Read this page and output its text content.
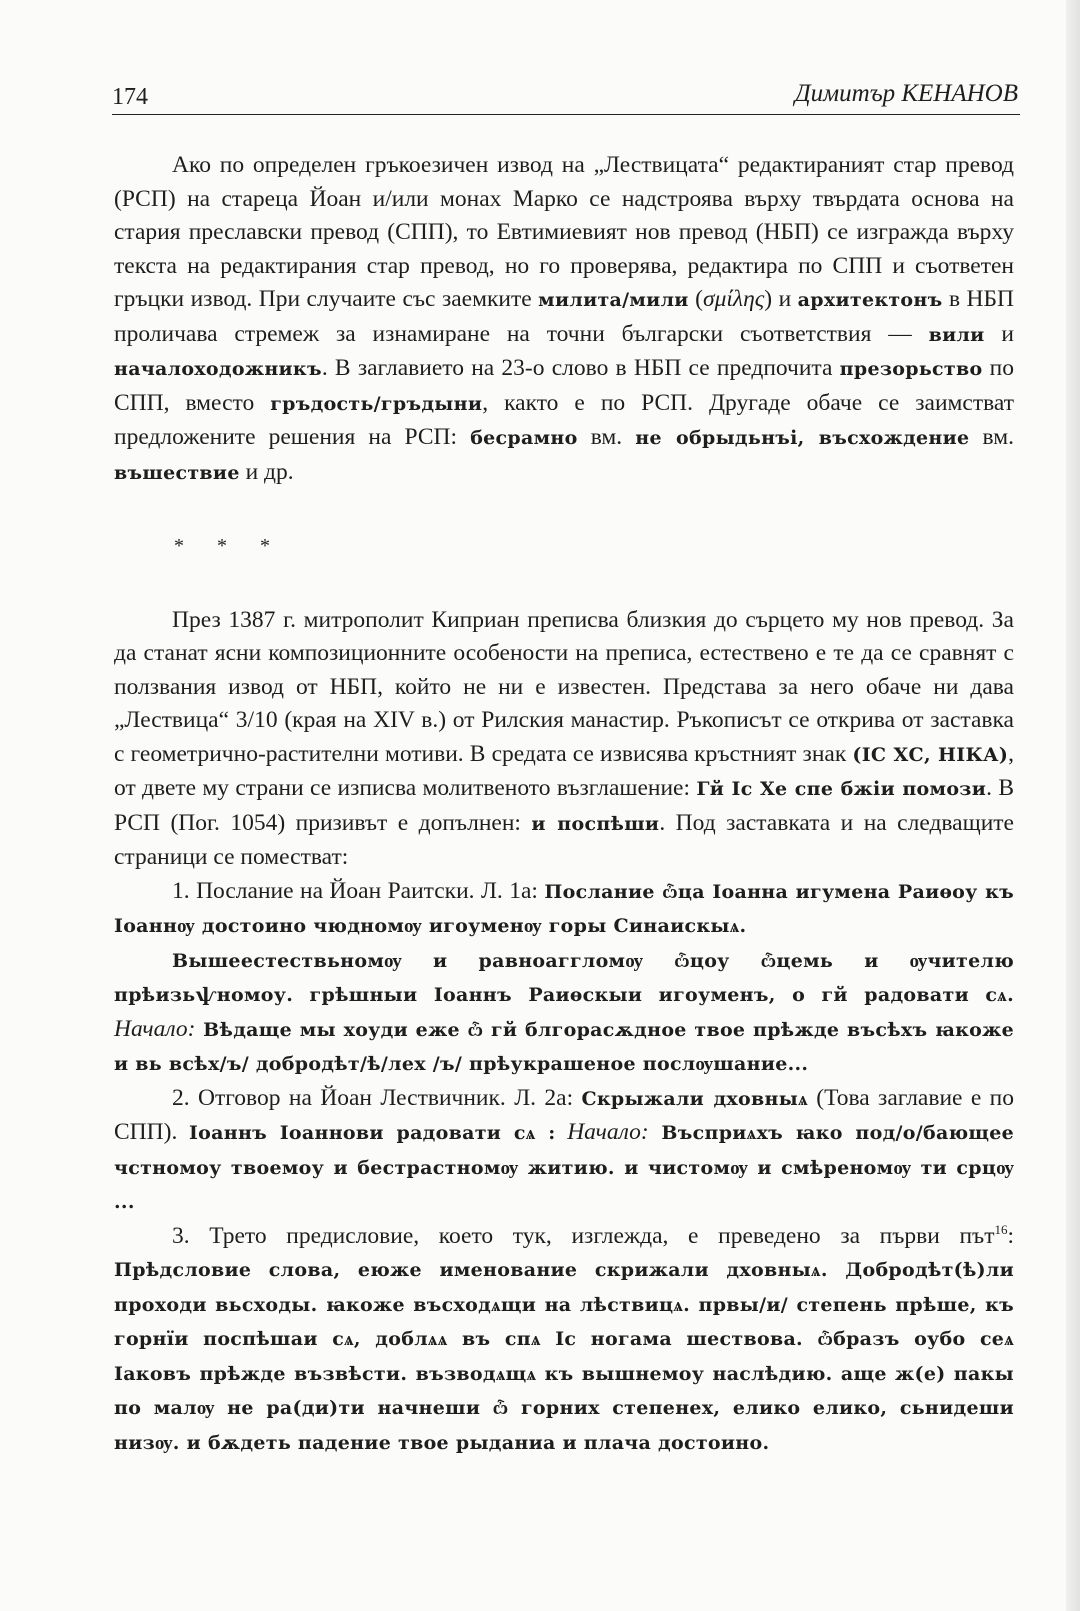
174	Димитър КЕНАНОВ

Ако по определен гръкоезичен извод на „Лествицата“ редактираният стар превод (РСП) на стареца Йоан и/или монах Марко се надстроява върху твърдата основа на стария преславски превод (СПП), то Евтимиевият нов превод (НБП) се изгражда върху текста на редактирания стар превод, но го проверява, редактира по СПП и съответен гръцки извод. При случаите със заемките милита/мили (σμίλης) и архитектонъ в НБП проличава стремеж за изнамиране на точни български съответствия — вили и началоходожникъ. В заглавието на 23-о слово в НБП се предпочита презорьство по СПП, вместо гръдость/гръдыни, както е по РСП. Другаде обаче се заимстват предложените решения на РСП: бесрамно вм. не обрыдьнъі, въсхождение вм. въшествие и др.

* * *

През 1387 г. митрополит Киприан преписва близкия до сърцето му нов превод. За да станат ясни композиционните особености на преписа, естествено е те да се сравнят с ползвания извод от НБП, който не ни е известен. Представа за него обаче ни дава „Лествица“ 3/10 (края на XIV в.) от Рилския манастир. Ръкописът се открива от заставка с геометрично-растителни мотиви. В средата се извисява кръстният знак (IС XС, НIКА), от двете му страни се изписва молитвеното възглашение: Гй Iс Хе спе бжiи помози. В РСП (Пог. 1054) призивът е допълнен: и поспѣши. Под заставката и на следващите страници се поместват:

1. Послание на Йоан Раитски. Л. 1а: Послание ѽца Iоанна игумена Раиѳоу къ Iоаннѹ достоино чюдномѹ игоуменѹ горы Синаискыѧ.

Вышеестествьномѹ и равноаггломѹ ѽцоу ѽцемь и ѹчителю прѣизьѱномоу. грѣшныи Iоаннъ Раиѳскыи игоуменъ, о гй радовати сѧ. Начало: Вѣдаще мы хоуди еже ѽ гй блгорасѫдное твое прѣжде въсѣхъ ꙗкоже и вь всѣх/ъ/ добродѣт/ѣ/лех /ъ/ прѣукрашеное послѹшание...

2. Отговор на Йоан Лествичник. Л. 2а: Скрыжали дховныѧ (Това заглавие е по СПП). Iоаннъ Iоаннови радовати сѧ : Начало: Въсприѧхъ ꙗко под/о/бающее чстномоу твоемоу и бестрастномѹ житию. и чистомѹ и смѣреномѹ ти срцѹ ...

3. Трето предисловие, което тук, изглежда, е преведено за първи път$^{16}$: Прѣдсловие слова, еюже именование скрижали дховныѧ. Добродѣт(ѣ)ли проходи вьсходы. ꙗкоже въсходѧщи на лѣствицѧ. првы/и/ степень прѣше, къ горнїи поспѣшаи сѧ, доблѧѧ въ спѧ Iс ногама шествова. ѽбразъ оубо сеѧ Iаковъ прѣжде възвѣсти. възводѧщѧ къ вышнемоу наслѣдию. аще ж(е) пакы по малѹ не ра(ди)ти начнеши ѽ горних степенех, елико елико, сьнидеши низѹ. и бѫдеть падение твое рыданиа и плача достоино.
